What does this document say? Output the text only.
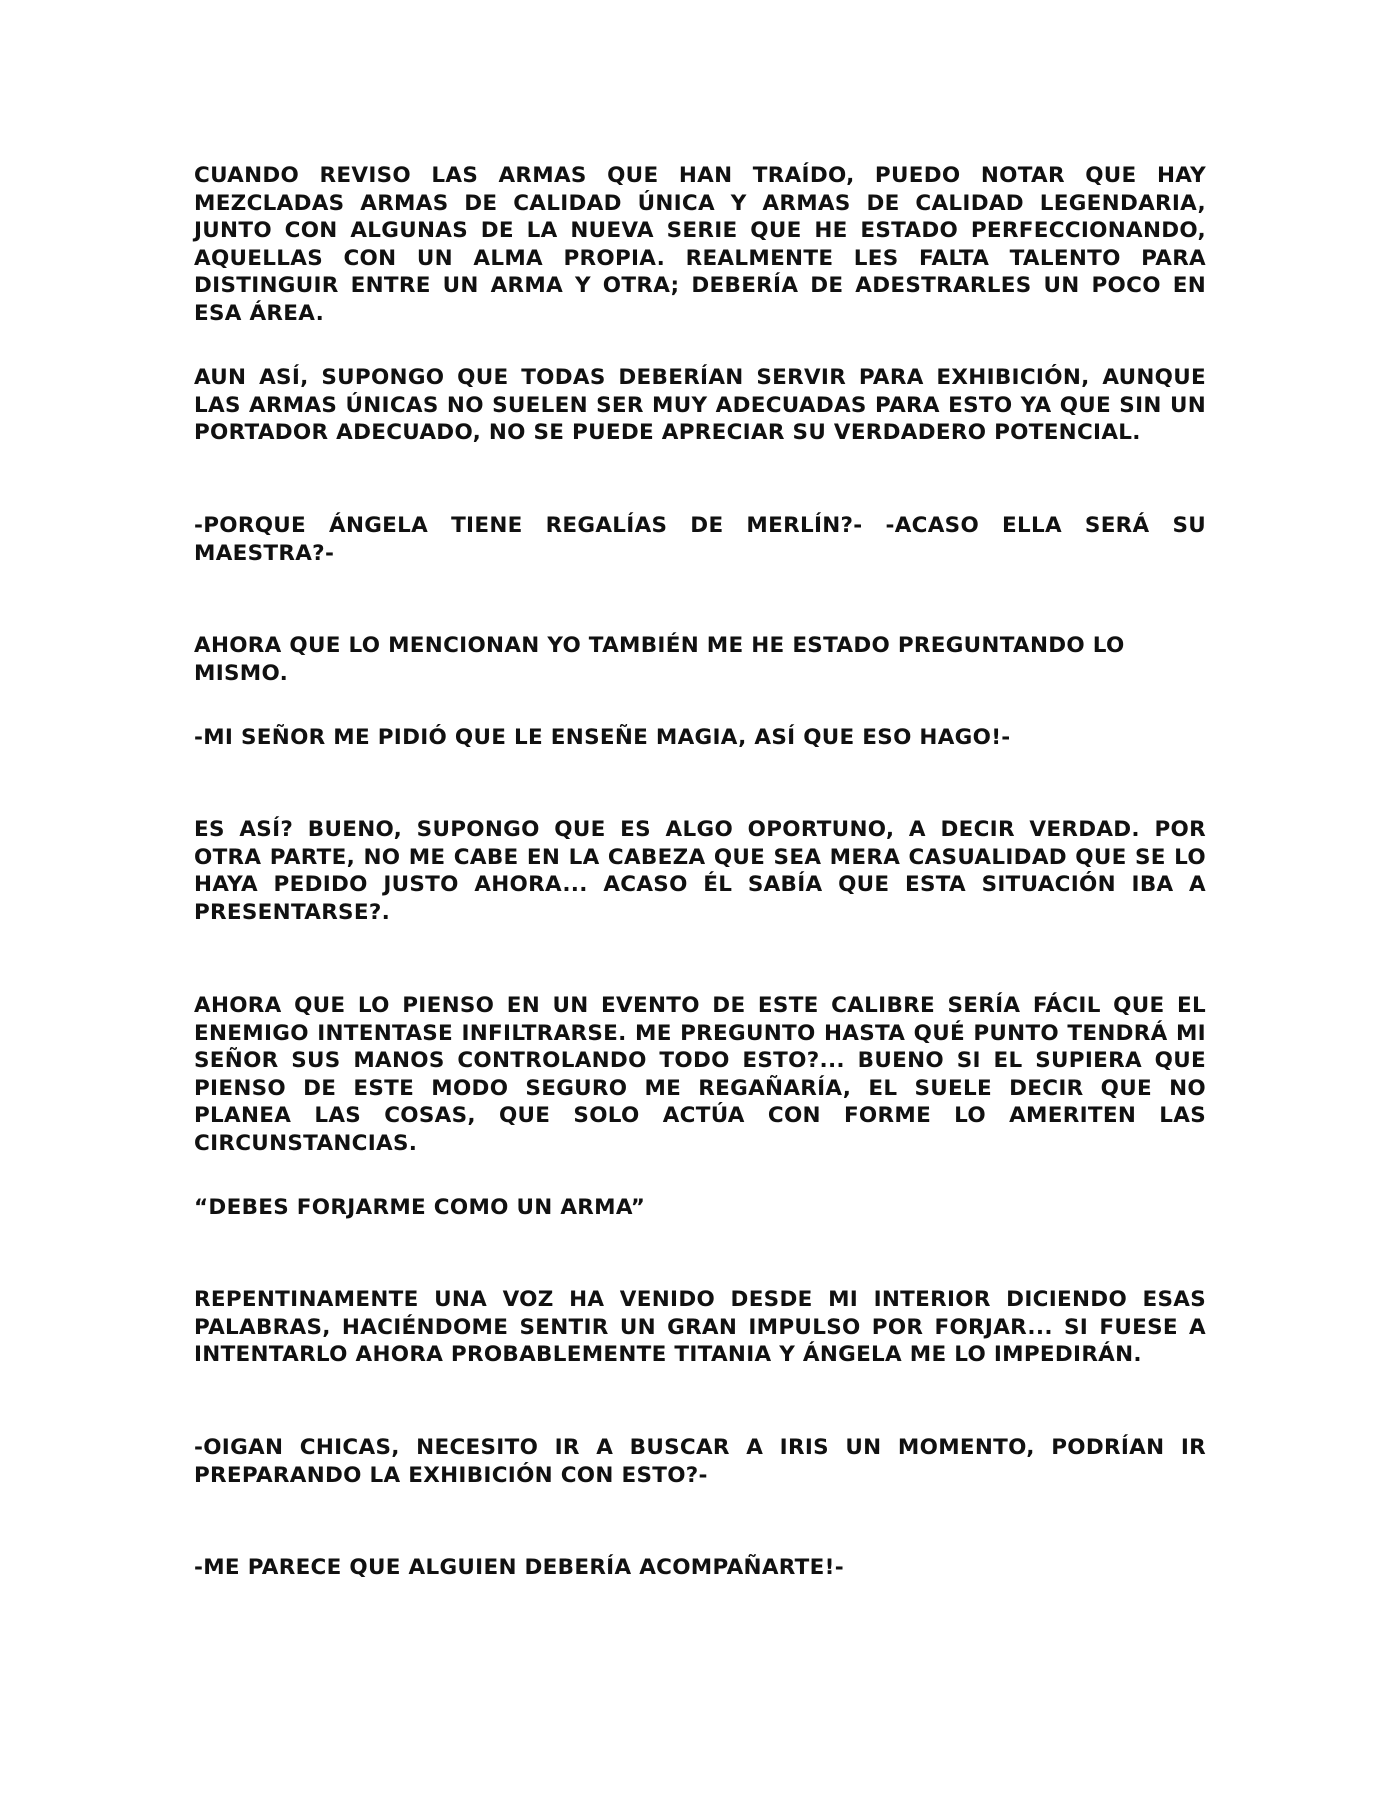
CUANDO REVISO LAS ARMAS QUE HAN TRAÍDO, PUEDO NOTAR QUE HAY MEZCLADAS ARMAS DE CALIDAD ÚNICA Y ARMAS DE CALIDAD LEGENDARIA, JUNTO CON ALGUNAS DE LA NUEVA SERIE QUE HE ESTADO PERFECCIONANDO, AQUELLAS CON UN ALMA PROPIA. REALMENTE LES FALTA TALENTO PARA DISTINGUIR ENTRE UN ARMA Y OTRA; DEBERÍA DE ADESTRARLES UN POCO EN ESA ÁREA.

AUN ASÍ, SUPONGO QUE TODAS DEBERÍAN SERVIR PARA EXHIBICIÓN, AUNQUE LAS ARMAS ÚNICAS NO SUELEN SER MUY ADECUADAS PARA ESTO YA QUE SIN UN PORTADOR ADECUADO, NO SE PUEDE APRECIAR SU VERDADERO POTENCIAL.

-PORQUE ÁNGELA TIENE REGALÍAS DE MERLÍN?- -ACASO ELLA SERÁ SU MAESTRA?-

AHORA QUE LO MENCIONAN YO TAMBIÉN ME HE ESTADO PREGUNTANDO LO MISMO.

-MI SEÑOR ME PIDIÓ QUE LE ENSEÑE MAGIA, ASÍ QUE ESO HAGO!-

ES ASÍ? BUENO, SUPONGO QUE ES ALGO OPORTUNO, A DECIR VERDAD. POR OTRA PARTE, NO ME CABE EN LA CABEZA QUE SEA MERA CASUALIDAD QUE SE LO HAYA PEDIDO JUSTO AHORA... ACASO ÉL SABÍA QUE ESTA SITUACIÓN IBA A PRESENTARSE?.

AHORA QUE LO PIENSO EN UN EVENTO DE ESTE CALIBRE SERÍA FÁCIL QUE EL ENEMIGO INTENTASE INFILTRARSE. ME PREGUNTO HASTA QUÉ PUNTO TENDRÁ MI SEÑOR SUS MANOS CONTROLANDO TODO ESTO?... BUENO SI EL SUPIERA QUE PIENSO DE ESTE MODO SEGURO ME REGAÑARÍA, EL SUELE DECIR QUE NO PLANEA LAS COSAS, QUE SOLO ACTÚA CON FORME LO AMERITEN LAS CIRCUNSTANCIAS.

“DEBES FORJARME COMO UN ARMA”

REPENTINAMENTE UNA VOZ HA VENIDO DESDE MI INTERIOR DICIENDO ESAS PALABRAS, HACIÉNDOME SENTIR UN GRAN IMPULSO POR FORJAR... SI FUESE A INTENTARLO AHORA PROBABLEMENTE TITANIA Y ÁNGELA ME LO IMPEDIRÁN.

-OIGAN CHICAS, NECESITO IR A BUSCAR A IRIS UN MOMENTO, PODRÍAN IR PREPARANDO LA EXHIBICIÓN CON ESTO?-

-ME PARECE QUE ALGUIEN DEBERÍA ACOMPAÑARTE!-
